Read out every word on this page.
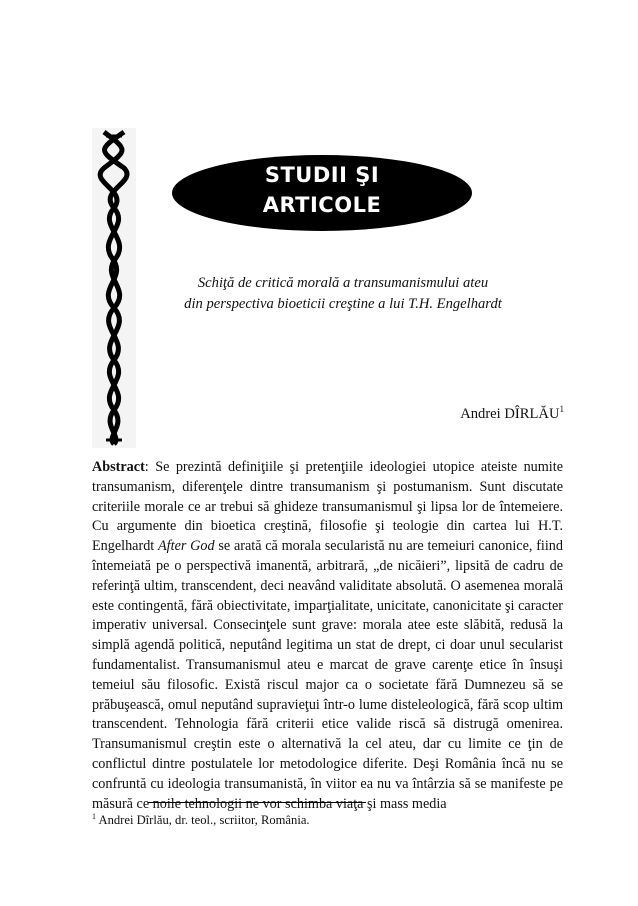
STUDII ŞI
ARTICOLE
Schiţă de critică morală a transumanismului ateu
din perspectiva bioeticii creştine a lui T.H. Engelhardt
Andrei DÎRLĂU$^1$

Abstract: Se prezintă definiţiile şi pretenţiile ideologiei utopice ateiste numite transumanism, diferenţele dintre transumanism şi postumanism. Sunt discutate criteriile morale ce ar trebui să ghideze transumanismul şi lipsa lor de întemeiere. Cu argumente din bioetica creştină, filosofie şi teologie din cartea lui H.T. Engelhardt After God se arată că morala secularistă nu are temeiuri canonice, fiind întemeiată pe o perspectivă imanentă, arbitrară, „de nicăieri”, lipsită de cadru de referinţă ultim, transcendent, deci neavând validitate absolută. O asemenea morală este contingentă, fără obiectivitate, imparţialitate, unicitate, canonicitate şi caracter imperativ universal. Consecinţele sunt grave: morala atee este slăbită, redusă la simplă agendă politică, neputând legitima un stat de drept, ci doar unul secularist fundamentalist. Transumanismul ateu e marcat de grave carenţe etice în însuşi temeiul său filosofic. Există riscul major ca o societate fără Dumnezeu să se prăbuşească, omul neputând supravieţui într-o lume disteleologică, fără scop ultim transcendent. Tehnologia fără criterii etice valide riscă să distrugă omenirea. Transumanismul creştin este o alternativă la cel ateu, dar cu limite ce ţin de conflictul dintre postulatele lor metodologice diferite. Deşi România încă nu se confruntă cu ideologia transumanistă, în viitor ea nu va întârzia să se manifeste pe măsură ce noile tehnologii ne vor schimba viaţa şi mass media

$^1$ Andrei Dîrlău, dr. teol., scriitor, România.
